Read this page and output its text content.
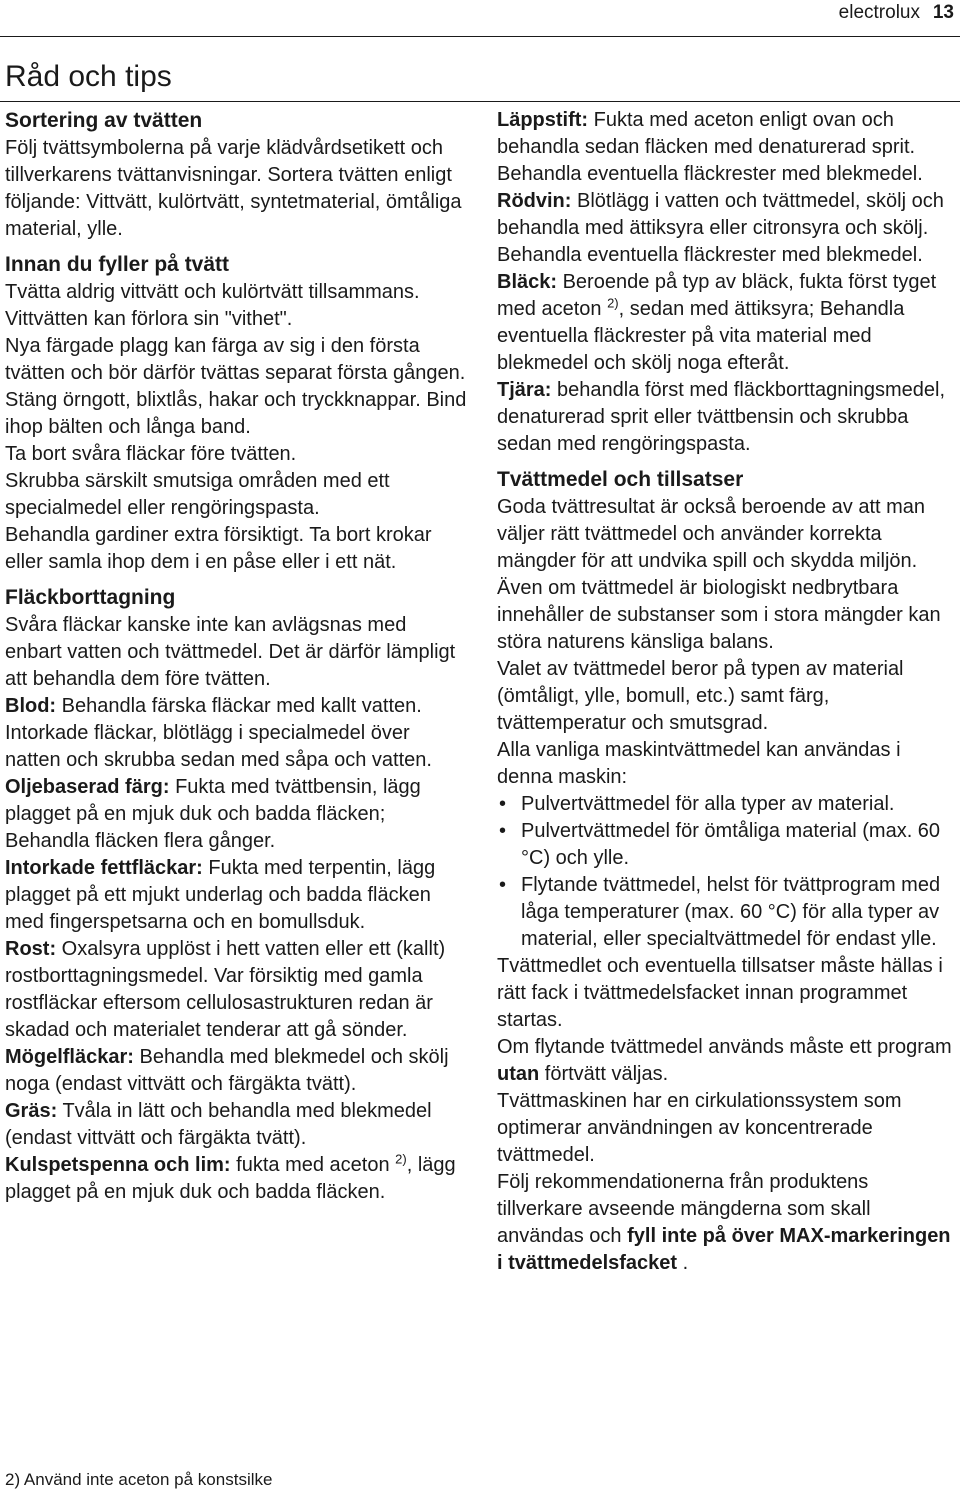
electrolux 13
Råd och tips
Sortering av tvätten

Följ tvättsymbolerna på varje klädvårdsetikett och tillverkarens tvättanvisningar. Sortera tvätten enligt följande: Vittvätt, kulörtvätt, syntetmaterial, ömtåliga material, ylle.

Innan du fyller på tvätt

Tvätta aldrig vittvätt och kulörtvätt tillsammans. Vittvätten kan förlora sin "vithet".

Nya färgade plagg kan färga av sig i den första tvätten och bör därför tvättas separat första gången.

Stäng örngott, blixtlås, hakar och tryckknappar. Bind ihop bälten och långa band.

Ta bort svåra fläckar före tvätten.

Skrubba särskilt smutsiga områden med ett specialmedel eller rengöringspasta.

Behandla gardiner extra försiktigt. Ta bort krokar eller samla ihop dem i en påse eller i ett nät.

Fläckborttagning

Svåra fläckar kanske inte kan avlägsnas med enbart vatten och tvättmedel. Det är därför lämpligt att behandla dem före tvätten.

Blod: Behandla färska fläckar med kallt vatten. Intorkade fläckar, blötlägg i specialmedel över natten och skrubba sedan med såpa och vatten.

Oljebaserad färg: Fukta med tvättbensin, lägg plagget på en mjuk duk och badda fläcken; Behandla fläcken flera gånger.

Intorkade fettfläckar: Fukta med terpentin, lägg plagget på ett mjukt underlag och badda fläcken med fingerspetsarna och en bomullsduk.

Rost: Oxalsyra upplöst i hett vatten eller ett (kallt) rostborttagningsmedel. Var försiktig med gamla rostfläckar eftersom cellulosastrukturen redan är skadad och materialet tenderar att gå sönder.

Mögelfläckar: Behandla med blekmedel och skölj noga (endast vittvätt och färgäkta tvätt).

Gräs: Tvåla in lätt och behandla med blekmedel (endast vittvätt och färgäkta tvätt).

Kulspetspenna och lim: fukta med aceton $^{2)}$, lägg plagget på en mjuk duk och badda fläcken.

Läppstift: Fukta med aceton enligt ovan och behandla sedan fläcken med denaturerad sprit. Behandla eventuella fläckrester med blekmedel.

Rödvin: Blötlägg i vatten och tvättmedel, skölj och behandla med ättiksyra eller citronsyra och skölj. Behandla eventuella fläckrester med blekmedel.

Bläck: Beroende på typ av bläck, fukta först tyget med aceton $^{2)}$, sedan med ättiksyra; Behandla eventuella fläckrester på vita material med blekmedel och skölj noga efteråt.

Tjära: behandla först med fläckborttagningsmedel, denaturerad sprit eller tvättbensin och skrubba sedan med rengöringspasta.

Tvättmedel och tillsatser

Goda tvättresultat är också beroende av att man väljer rätt tvättmedel och använder korrekta mängder för att undvika spill och skydda miljön.

Även om tvättmedel är biologiskt nedbrytbara innehåller de substanser som i stora mängder kan störa naturens känsliga balans.

Valet av tvättmedel beror på typen av material (ömtåligt, ylle, bomull, etc.) samt färg, tvättemperatur och smutsgrad.

Alla vanliga maskintvättmedel kan användas i denna maskin:

• Pulvertvättmedel för alla typer av material.
• Pulvertvättmedel för ömtåliga material (max. 60 °C) och ylle.
• Flytande tvättmedel, helst för tvättprogram med låga temperaturer (max. 60 °C) för alla typer av material, eller specialtvättmedel för endast ylle.

Tvättmedlet och eventuella tillsatser måste hällas i rätt fack i tvättmedelsfacket innan programmet startas.

Om flytande tvättmedel används måste ett program utan förtvätt väljas.

Tvättmaskinen har en cirkulationssystem som optimerar användningen av koncentrerade tvättmedel.

Följ rekommendationerna från produktens tillverkare avseende mängderna som skall användas och fyll inte på över MAX-markeringen i tvättmedelsfacket .

2) Använd inte aceton på konstsilke
